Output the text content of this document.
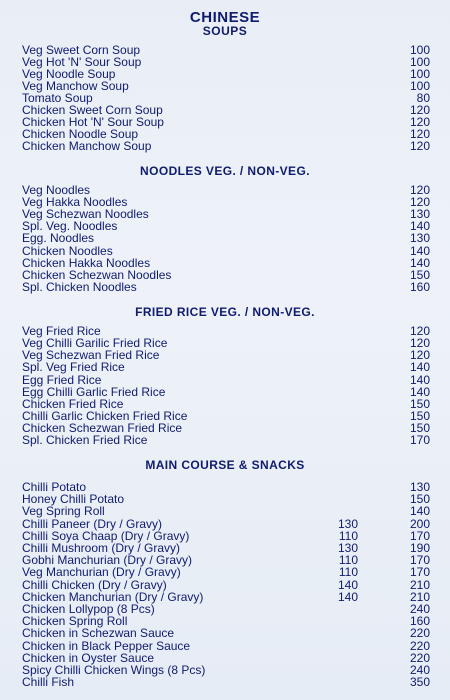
CHINESE
SOUPS
Veg Sweet Corn Soup	100
Veg Hot 'N' Sour Soup	100
Veg Noodle Soup	100
Veg Manchow Soup	100
Tomato Soup	80
Chicken Sweet Corn Soup	120
Chicken Hot 'N' Sour Soup	120
Chicken Noodle Soup	120
Chicken Manchow Soup	120
NOODLES VEG. / NON-VEG.
Veg Noodles	120
Veg Hakka Noodles	120
Veg Schezwan Noodles	130
Spl. Veg. Noodles	140
Egg. Noodles	130
Chicken Noodles	140
Chicken Hakka Noodles	140
Chicken Schezwan Noodles	150
Spl. Chicken Noodles	160
FRIED RICE VEG. / NON-VEG.
Veg Fried Rice	120
Veg Chilli Garilic Fried Rice	120
Veg Schezwan Fried Rice	120
Spl. Veg Fried Rice	140
Egg Fried Rice	140
Egg Chilli Garlic Fried Rice	140
Chicken Fried Rice	150
Chilli Garlic Chicken Fried Rice	150
Chicken Schezwan Fried Rice	150
Spl. Chicken Fried Rice	170
MAIN COURSE & SNACKS
Chilli Potato	130
Honey Chilli Potato	150
Veg Spring Roll	140
Chilli Paneer (Dry / Gravy)	130	200
Chilli Soya Chaap (Dry / Gravy)	110	170
Chilli Mushroom (Dry / Gravy)	130	190
Gobhi Manchurian (Dry / Gravy)	110	170
Veg Manchurian (Dry / Gravy)	110	170
Chilli Chicken (Dry / Gravy)	140	210
Chicken Manchurian (Dry / Gravy)	140	210
Chicken Lollypop (8 Pcs)	240
Chicken Spring Roll	160
Chicken in Schezwan Sauce	220
Chicken in Black Pepper Sauce	220
Chicken in Oyster Sauce	220
Spicy Chilli Chicken Wings (8 Pcs)	240
Chilli Fish	350
